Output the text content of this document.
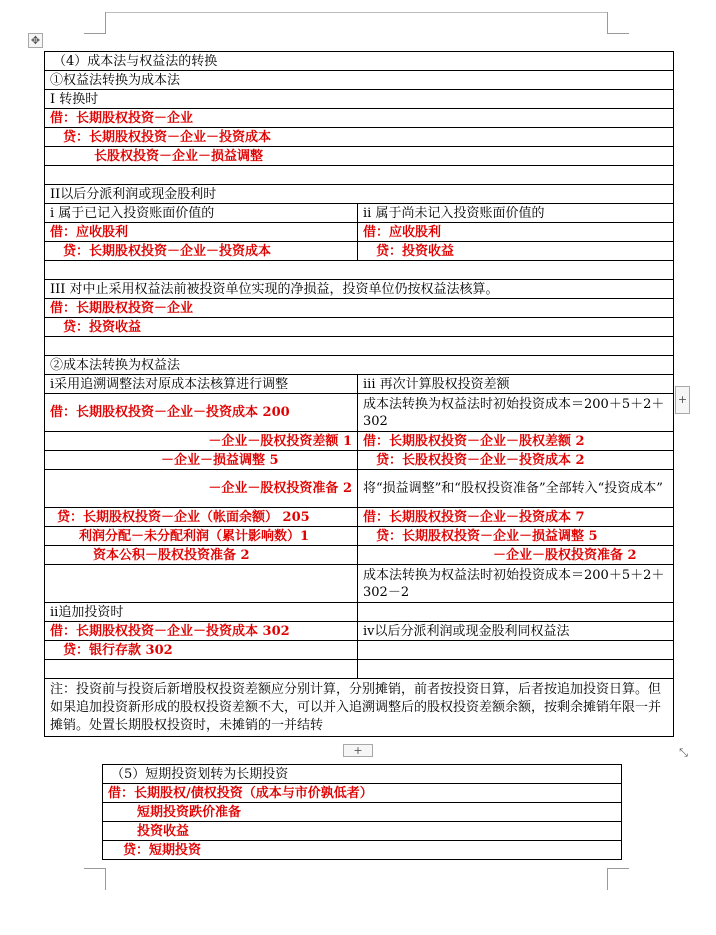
✥
+
+
⤡
（4）成本法与权益法的转换	
①权益法转换为成本法	
I 转换时	
借：长期股权投资－企业	
贷：长期股权投资－企业－投资成本	
长股权投资－企业－损益调整	

II以后分派利润或现金股利时	
i 属于已记入投资账面价值的	ii 属于尚未记入投资账面价值的
借：应收股利	借：应收股利
贷：长期股权投资－企业－投资成本	贷：投资收益

III 对中止采用权益法前被投资单位实现的净损益，投资单位仍按权益法核算。	
借：长期股权投资－企业	
贷：投资收益	

②成本法转换为权益法	
i采用追溯调整法对原成本法核算进行调整	iii 再次计算股权投资差额
借：长期股权投资－企业－投资成本 200	成本法转换为权益法时初始投资成本＝200＋5＋2＋302
－企业－股权投资差额 1	借：长期股权投资－企业－股权差额 2
－企业－损益调整 5	贷：长股权投资－企业－投资成本 2
－企业－股权投资准备 2	将“损益调整”和“股权投资准备”全部转入“投资成本”
贷：长期股权投资－企业（帐面余额） 205	借：长期股权投资－企业－投资成本 7
利润分配－未分配利润（累计影响数）1	贷：长期股权投资－企业－损益调整 5
资本公积－股权投资准备 2	－企业－股权投资准备 2
	成本法转换为权益法时初始投资成本＝200＋5＋2＋302－2
ii追加投资时	
借：长期股权投资－企业－投资成本 302	iv以后分派利润或现金股利同权益法
贷：银行存款 302	

注：投资前与投资后新增股权投资差额应分别计算，分别摊销，前者按投资日算，后者按追加投资日算。但如果追加投资新形成的股权投资差额不大，可以并入追溯调整后的股权投资差额余额，按剩余摊销年限一并摊销。处置长期股权投资时，未摊销的一并结转	
（5）短期投资划转为长期投资
借：长期股权/债权投资（成本与市价孰低者）
短期投资跌价准备
投资收益
贷：短期投资
